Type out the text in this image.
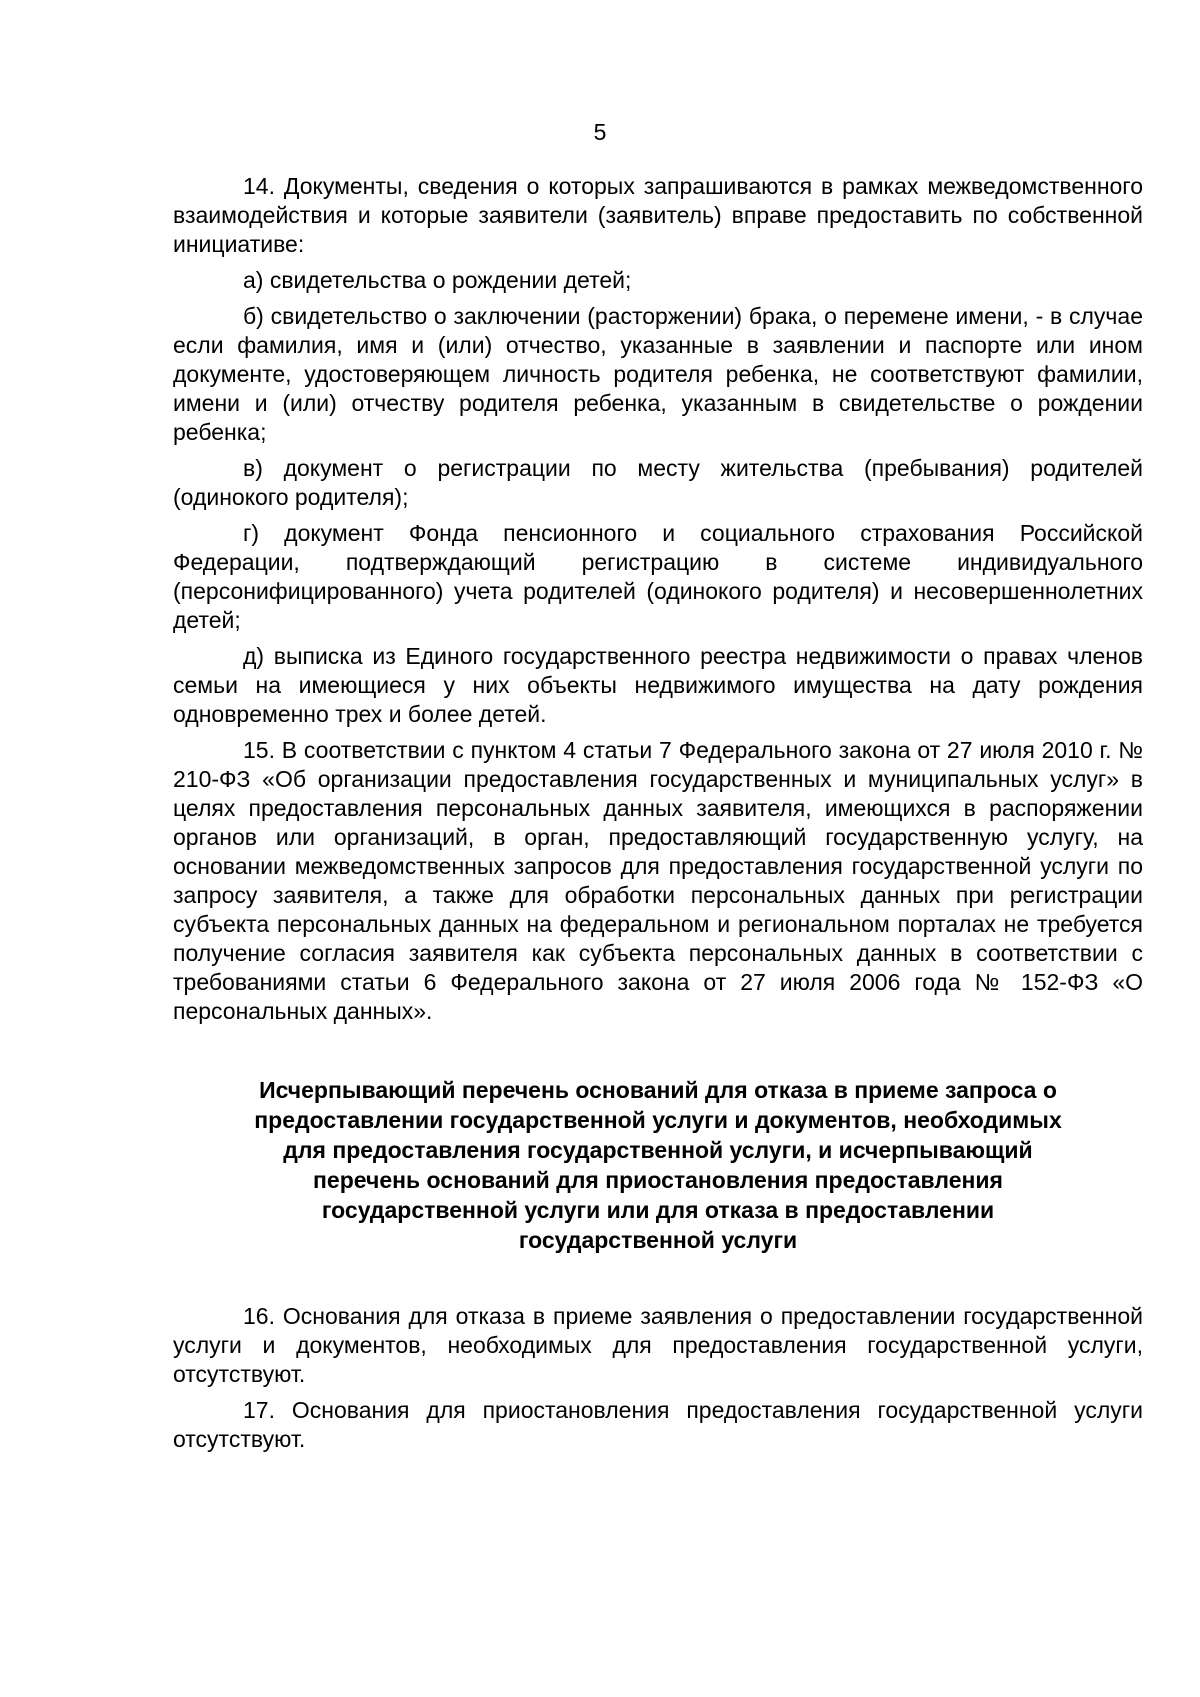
5

14. Документы, сведения о которых запрашиваются в рамках межведомственного взаимодействия и которые заявители (заявитель) вправе предоставить по собственной инициативе:

а) свидетельства о рождении детей;

б) свидетельство о заключении (расторжении) брака, о перемене имени, - в случае если фамилия, имя и (или) отчество, указанные в заявлении и паспорте или ином документе, удостоверяющем личность родителя ребенка, не соответствуют фамилии, имени и (или) отчеству родителя ребенка, указанным в свидетельстве о рождении ребенка;

в) документ о регистрации по месту жительства (пребывания) родителей (одинокого родителя);

г) документ Фонда пенсионного и социального страхования Российской Федерации, подтверждающий регистрацию в системе индивидуального (персонифицированного) учета родителей (одинокого родителя) и несовершеннолетних детей;

д) выписка из Единого государственного реестра недвижимости о правах членов семьи на имеющиеся у них объекты недвижимого имущества на дату рождения одновременно трех и более детей.

15. В соответствии с пунктом 4 статьи 7 Федерального закона от 27 июля 2010 г. № 210-ФЗ «Об организации предоставления государственных и муниципальных услуг» в целях предоставления персональных данных заявителя, имеющихся в распоряжении органов или организаций, в орган, предоставляющий государственную услугу, на основании межведомственных запросов для предоставления государственной услуги по запросу заявителя, а также для обработки персональных данных при регистрации субъекта персональных данных на федеральном и региональном порталах не требуется получение согласия заявителя как субъекта персональных данных в соответствии с требованиями статьи 6 Федерального закона от 27 июля 2006 года № 152-ФЗ «О персональных данных».

Исчерпывающий перечень оснований для отказа в приеме запроса о
предоставлении государственной услуги и документов, необходимых
для предоставления государственной услуги, и исчерпывающий
перечень оснований для приостановления предоставления
государственной услуги или для отказа в предоставлении
государственной услуги

16. Основания для отказа в приеме заявления о предоставлении государственной услуги и документов, необходимых для предоставления государственной услуги, отсутствуют.

17. Основания для приостановления предоставления государственной услуги отсутствуют.
